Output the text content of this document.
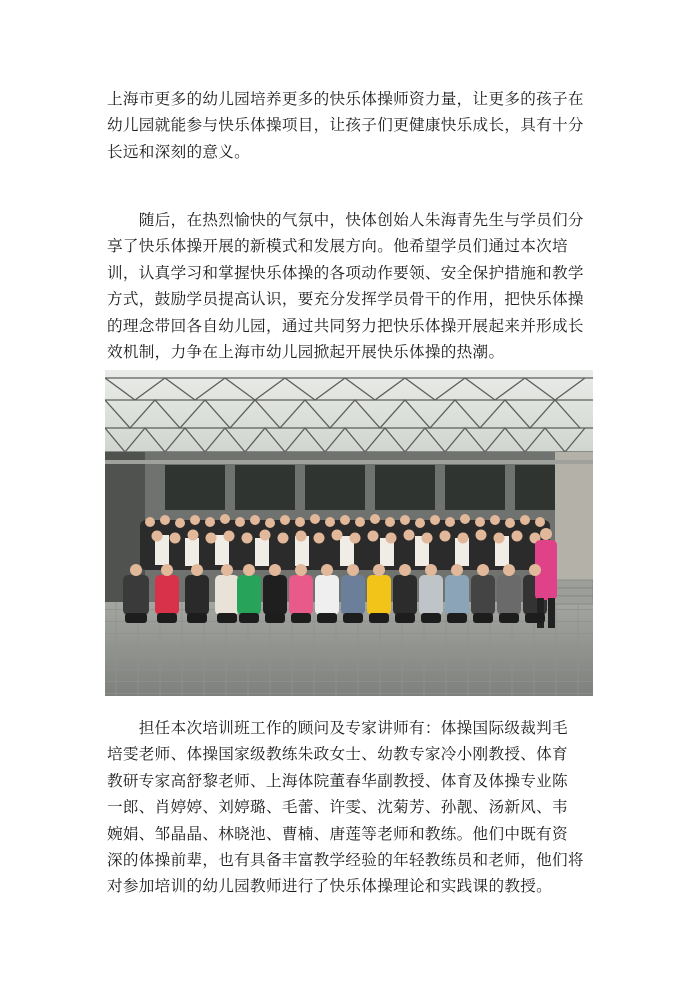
上海市更多的幼儿园培养更多的快乐体操师资力量，让更多的孩子在
幼儿园就能参与快乐体操项目，让孩子们更健康快乐成长，具有十分
长远和深刻的意义。
　　随后，在热烈愉快的气氛中，快体创始人朱海青先生与学员们分
享了快乐体操开展的新模式和发展方向。他希望学员们通过本次培
训，认真学习和掌握快乐体操的各项动作要领、安全保护措施和教学
方式，鼓励学员提高认识，要充分发挥学员骨干的作用，把快乐体操
的理念带回各自幼儿园，通过共同努力把快乐体操开展起来并形成长
效机制，力争在上海市幼儿园掀起开展快乐体操的热潮。
　　担任本次培训班工作的顾问及专家讲师有：体操国际级裁判毛
培雯老师、体操国家级教练朱政女士、幼教专家冷小刚教授、体育
教研专家高舒黎老师、上海体院董春华副教授、体育及体操专业陈
一郎、肖婷婷、刘婷璐、毛蕾、许雯、沈菊芳、孙靓、汤新风、韦
婉娟、邹晶晶、林晓池、曹楠、唐莲等老师和教练。他们中既有资
深的体操前辈，也有具备丰富教学经验的年轻教练员和老师，他们将
对参加培训的幼儿园教师进行了快乐体操理论和实践课的教授。
